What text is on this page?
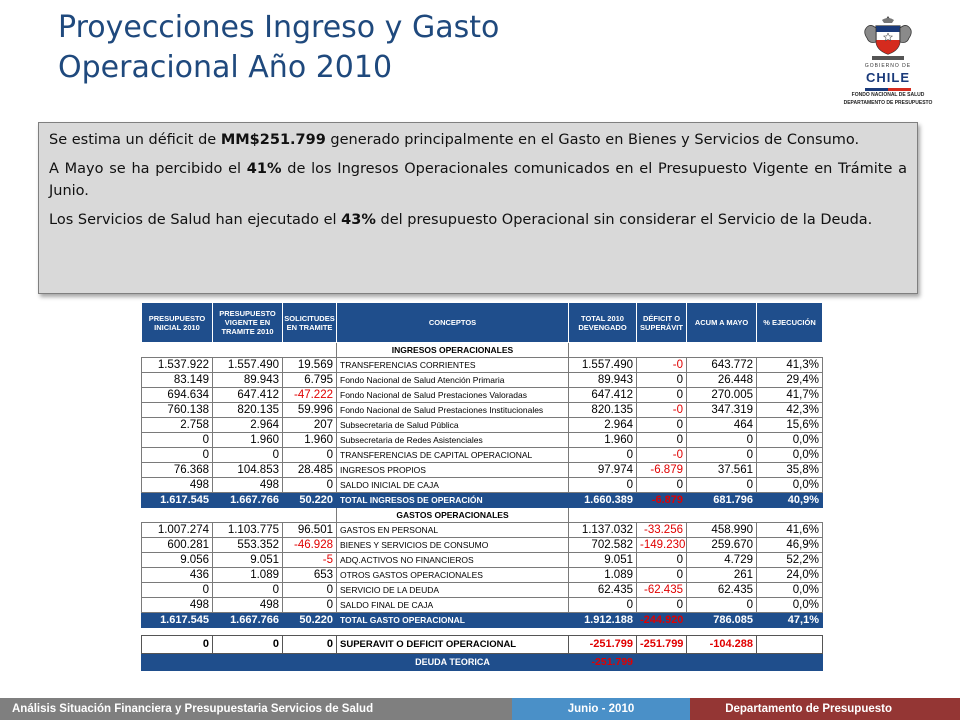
Proyecciones Ingreso y Gasto
Operacional Año 2010	GOBIERNO DE
CHILE
FONDO NACIONAL DE SALUD
DEPARTAMENTO DE PRESUPUESTO

Se estima un déficit de MM$251.799 generado principalmente en el Gasto en Bienes y Servicios de Consumo.

A Mayo se ha percibido el 41% de los Ingresos Operacionales comunicados en el Presupuesto Vigente en Trámite a Junio.

Los Servicios de Salud han ejecutado el 43% del presupuesto Operacional sin considerar el Servicio de la Deuda.

PRESUPUESTO INICIAL 2010	PRESUPUESTO VIGENTE EN TRAMITE 2010	SOLICITUDES EN TRAMITE	CONCEPTOS	TOTAL 2010 DEVENGADO	DÉFICIT O SUPERÁVIT	ACUM A MAYO	% EJECUCIÓN
			INGRESOS OPERACIONALES				
1.537.922	1.557.490	19.569	TRANSFERENCIAS CORRIENTES	1.557.490	-0	643.772	41,3%
83.149	89.943	6.795	Fondo Nacional de Salud Atención Primaria	89.943	0	26.448	29,4%
694.634	647.412	-47.222	Fondo Nacional de Salud Prestaciones Valoradas	647.412	0	270.005	41,7%
760.138	820.135	59.996	Fondo Nacional de Salud Prestaciones Institucionales	820.135	-0	347.319	42,3%
2.758	2.964	207	Subsecretaria de Salud Pública	2.964	0	464	15,6%
0	1.960	1.960	Subsecretaria de Redes Asistenciales	1.960	0	0	0,0%
0	0	0	TRANSFERENCIAS DE CAPITAL OPERACIONAL	0	-0	0	0,0%
76.368	104.853	28.485	INGRESOS PROPIOS	97.974	-6.879	37.561	35,8%
498	498	0	SALDO INICIAL DE CAJA	0	0	0	0,0%
1.617.545	1.667.766	50.220	TOTAL INGRESOS DE OPERACIÓN	1.660.389	-6.879	681.796	40,9%
			GASTOS OPERACIONALES				
1.007.274	1.103.775	96.501	GASTOS EN PERSONAL	1.137.032	-33.256	458.990	41,6%
600.281	553.352	-46.928	BIENES Y SERVICIOS DE CONSUMO	702.582	-149.230	259.670	46,9%
9.056	9.051	-5	ADQ.ACTIVOS NO FINANCIEROS	9.051	0	4.729	52,2%
436	1.089	653	OTROS GASTOS OPERACIONALES	1.089	0	261	24,0%
0	0	0	SERVICIO DE LA DEUDA	62.435	-62.435	62.435	0,0%
498	498	0	SALDO FINAL DE CAJA	0	0	0	0,0%
1.617.545	1.667.766	50.220	TOTAL GASTO OPERACIONAL	1.912.188	-244.920	786.085	47,1%

0	0	0	SUPERAVIT O DEFICIT OPERACIONAL	-251.799	-251.799	-104.288	
			DEUDA TEORICA	-251.799			
Análisis Situación Financiera y Presupuestaria Servicios de Salud	Junio - 2010	Departamento de Presupuesto
